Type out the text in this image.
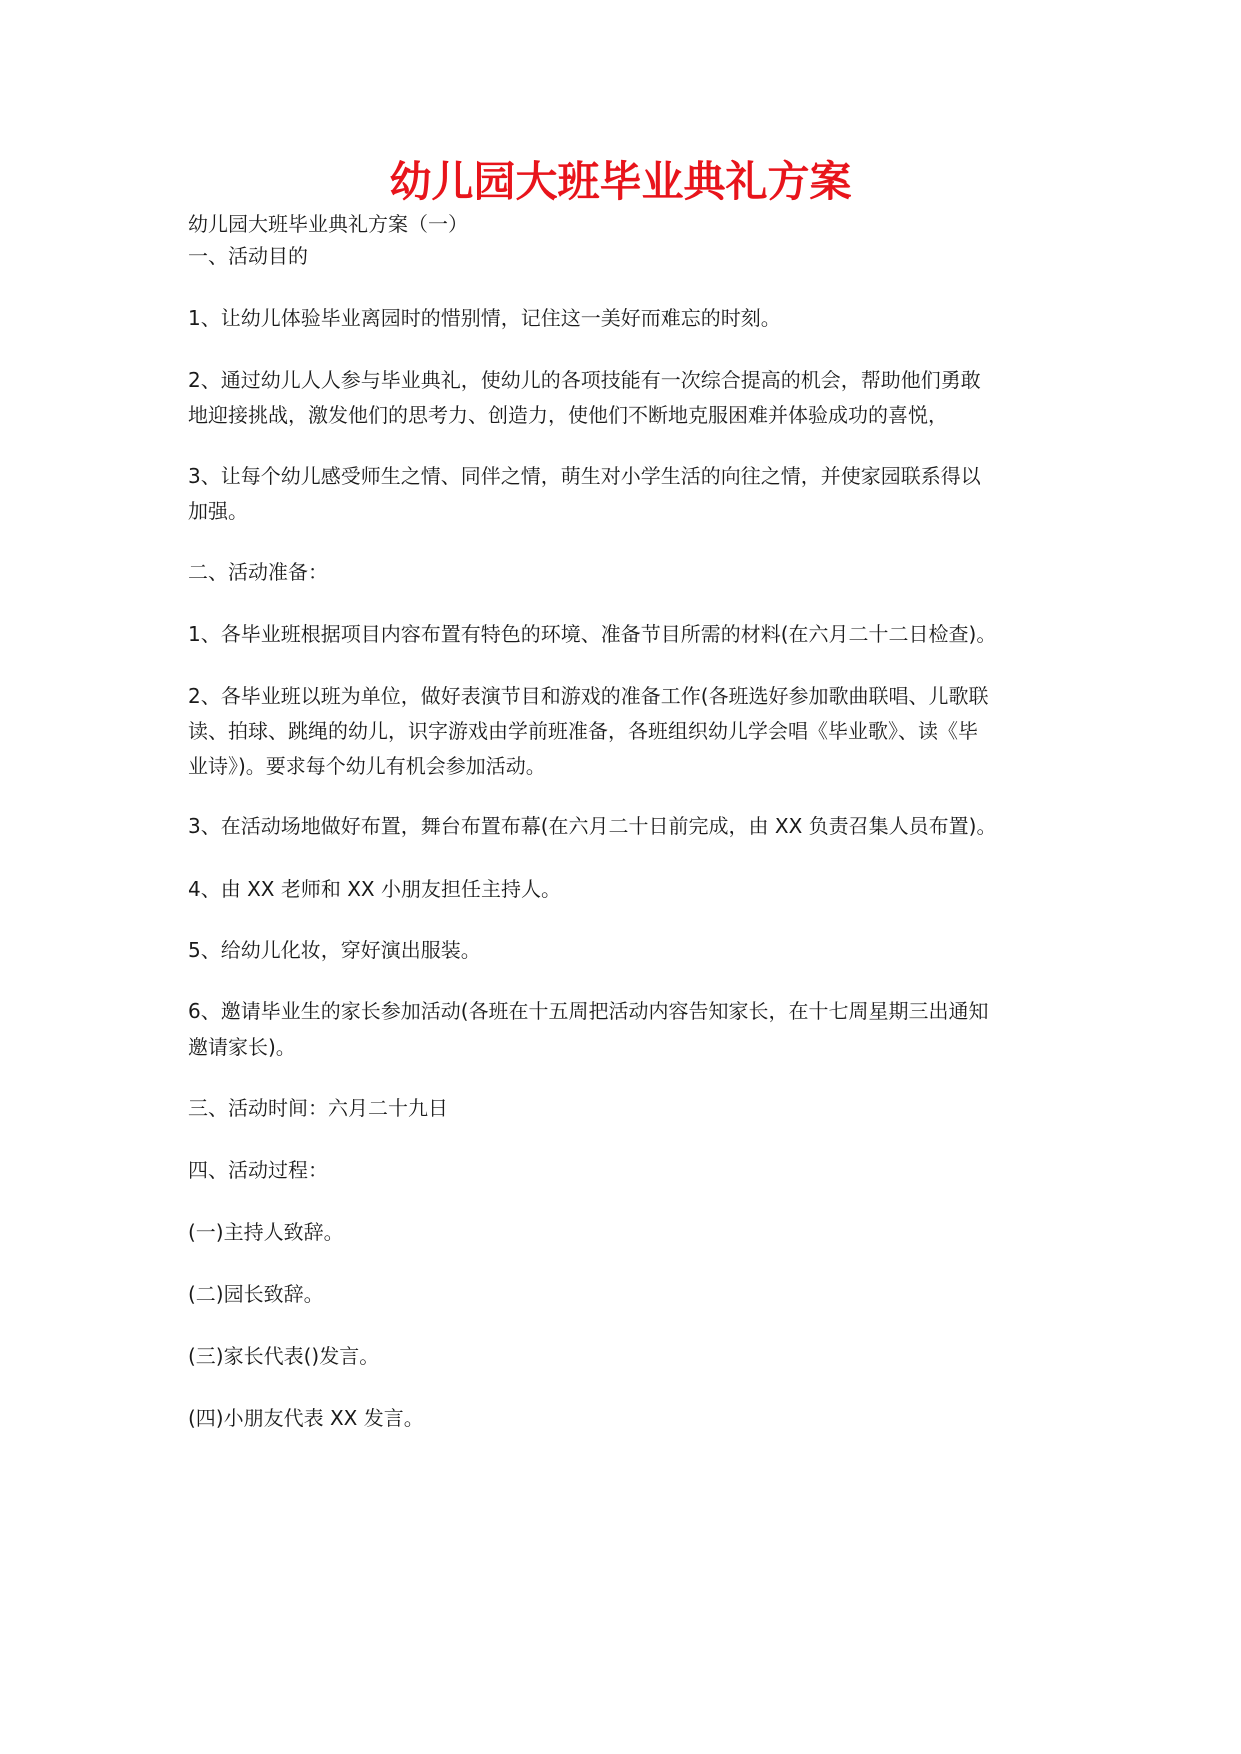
幼儿园大班毕业典礼方案
幼儿园大班毕业典礼方案（一）
一、活动目的
1、让幼儿体验毕业离园时的惜别情，记住这一美好而难忘的时刻。
2、通过幼儿人人参与毕业典礼，使幼儿的各项技能有一次综合提高的机会，帮助他们勇敢
地迎接挑战，激发他们的思考力、创造力，使他们不断地克服困难并体验成功的喜悦，
3、让每个幼儿感受师生之情、同伴之情，萌生对小学生活的向往之情，并使家园联系得以
加强。
二、活动准备：
1、各毕业班根据项目内容布置有特色的环境、准备节目所需的材料(在六月二十二日检查)。
2、各毕业班以班为单位，做好表演节目和游戏的准备工作(各班选好参加歌曲联唱、儿歌联
读、拍球、跳绳的幼儿，识字游戏由学前班准备，各班组织幼儿学会唱《毕业歌》、读《毕
业诗》)。要求每个幼儿有机会参加活动。
3、在活动场地做好布置，舞台布置布幕(在六月二十日前完成，由 XX 负责召集人员布置)。
4、由 XX 老师和 XX 小朋友担任主持人。
5、给幼儿化妆，穿好演出服装。
6、邀请毕业生的家长参加活动(各班在十五周把活动内容告知家长，在十七周星期三出通知
邀请家长)。
三、活动时间：六月二十九日
四、活动过程：
(一)主持人致辞。
(二)园长致辞。
(三)家长代表()发言。
(四)小朋友代表 XX 发言。
